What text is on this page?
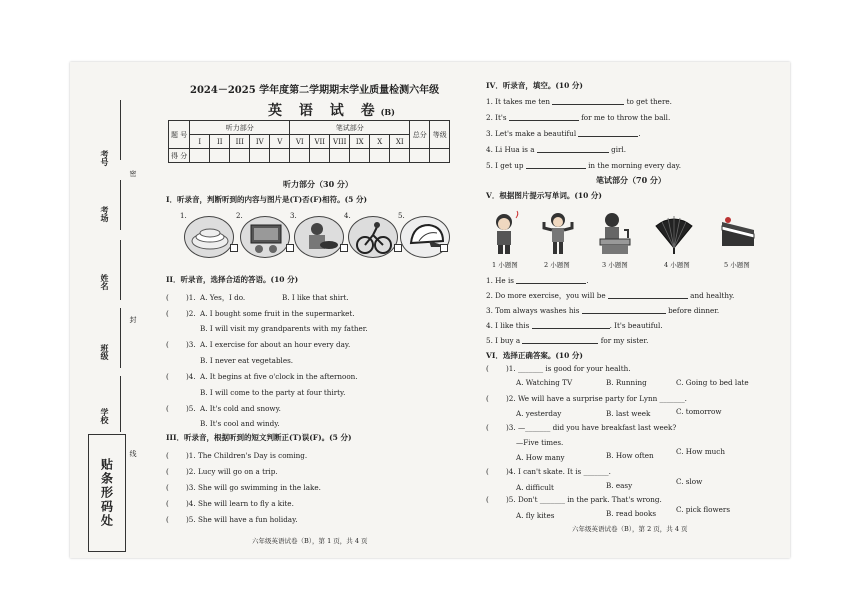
考号
考场
姓名
班级
学校
密
封
线
贴条形码处
2024－2025 学年度第二学期期末学业质量检测六年级
英 语 试 卷(B)
题 号	听力部分					笔试部分						总分	等级
	I	II	III	IV	V	VI	VII	VIII	IX	X	XI		
得 分													
听力部分（30 分）
I．听录音，判断听到的内容与图片是(T)否(F)相符。(5 分)
1.	2.	3.	4.	5.
II．听录音，选择合适的答语。(10 分)
( )1. A. Yes，I do.	B. I like that shirt.
( )2. A. I bought some fruit in the supermarket.
B. I will visit my grandparents with my father.
( )3. A. I exercise for about an hour every day.
B. I never eat vegetables.
( )4. A. It begins at five o'clock in the afternoon.
B. I will come to the party at four thirty.
( )5. A. It's cold and snowy.
B. It's cool and windy.
III．听录音，根据听到的短文判断正(T)误(F)。(5 分)
( )1. The Children's Day is coming.
( )2. Lucy will go on a trip.
( )3. She will go swimming in the lake.
( )4. She will learn to fly a kite.
( )5. She will have a fun holiday.
六年级英语试卷（B），第 1 页，共 4 页
IV．听录音，填空。(10 分)
1. It takes me ten	to get there.
2. It's	for me to throw the ball.
3. Let's make a beautiful	.
4. Li Hua is a	girl.
5. I get up	in the morning every day.
笔试部分（70 分）
V．根据图片提示写单词。(10 分)
1 小题图	2 小题图	3 小题图	4 小题图	5 小题图
1. He is	.
2. Do more exercise，you will be	and healthy.
3. Tom always washes his	before dinner.
4. I like this	. It's beautiful.
5. I buy a	for my sister.
VI．选择正确答案。(10 分)
( )1. _______ is good for your health.
A. Watching TV	B. Running	C. Going to bed late
( )2. We will have a surprise party for Lynn _______.
A. yesterday	B. last week	C. tomorrow
( )3. —_______ did you have breakfast last week?
—Five times.
A. How many	B. How often	C. How much
( )4. I can't skate. It is _______.
A. difficult	B. easy	C. slow
( )5. Don't _______ in the park. That's wrong.
A. fly kites	B. read books	C. pick flowers
六年级英语试卷（B），第 2 页，共 4 页
